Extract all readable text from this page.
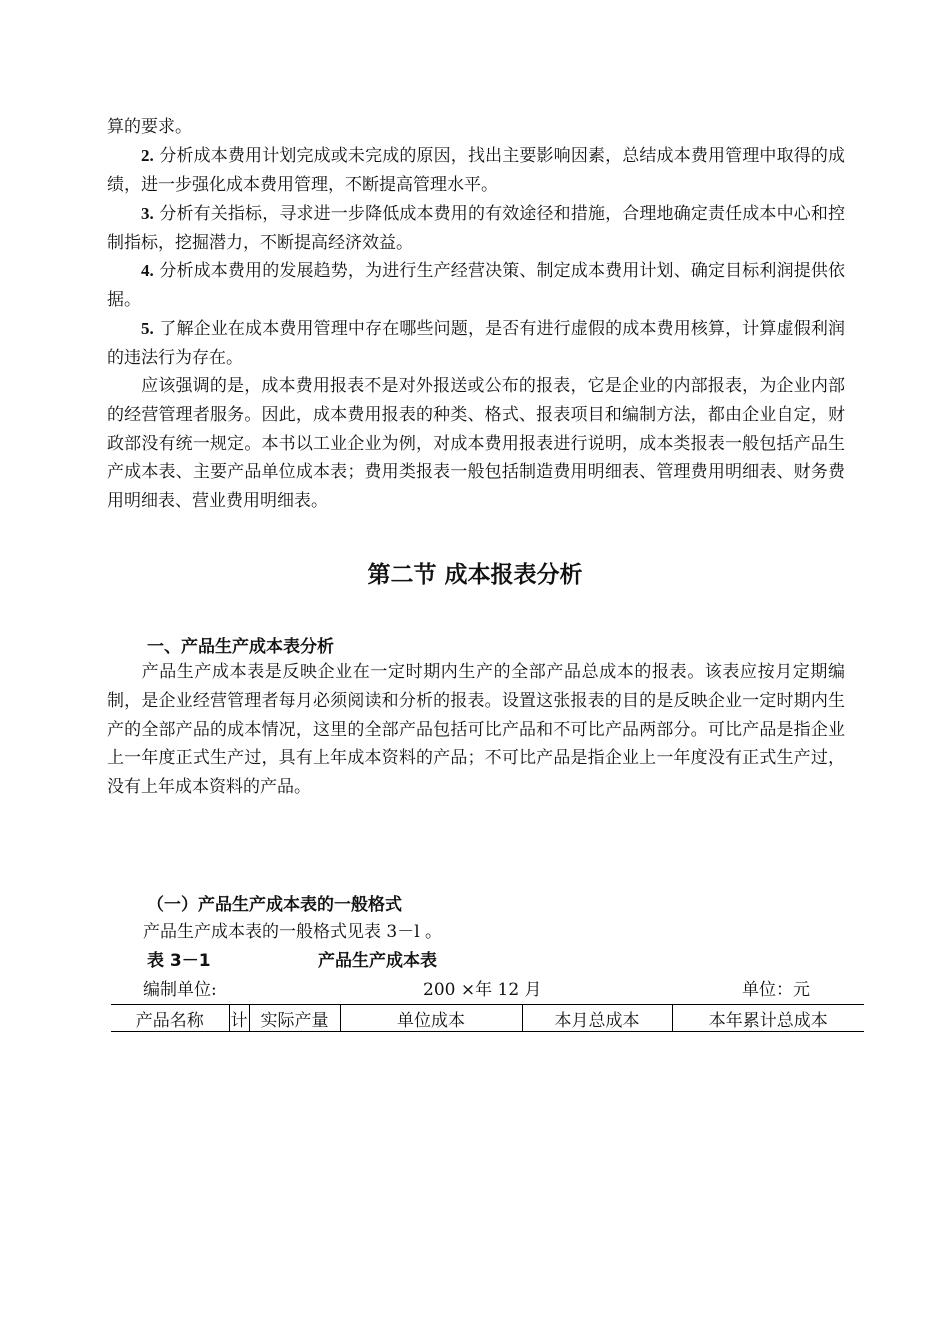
算的要求。

2. 分析成本费用计划完成或未完成的原因，找出主要影响因素，总结成本费用管理中取得的成绩，进一步强化成本费用管理，不断提高管理水平。

3. 分析有关指标，寻求进一步降低成本费用的有效途径和措施，合理地确定责任成本中心和控制指标，挖掘潜力，不断提高经济效益。

4. 分析成本费用的发展趋势，为进行生产经营决策、制定成本费用计划、确定目标利润提供依据。

5. 了解企业在成本费用管理中存在哪些问题，是否有进行虚假的成本费用核算，计算虚假利润的违法行为存在。

应该强调的是，成本费用报表不是对外报送或公布的报表，它是企业的内部报表，为企业内部的经营管理者服务。因此，成本费用报表的种类、格式、报表项目和编制方法，都由企业自定，财政部没有统一规定。本书以工业企业为例，对成本费用报表进行说明，成本类报表一般包括产品生产成本表、主要产品单位成本表；费用类报表一般包括制造费用明细表、管理费用明细表、财务费用明细表、营业费用明细表。

第二节 成本报表分析
一、产品生产成本表分析

产品生产成本表是反映企业在一定时期内生产的全部产品总成本的报表。该表应按月定期编制，是企业经营管理者每月必须阅读和分析的报表。设置这张报表的目的是反映企业一定时期内生产的全部产品的成本情况，这里的全部产品包括可比产品和不可比产品两部分。可比产品是指企业上一年度正式生产过，具有上年成本资料的产品；不可比产品是指企业上一年度没有正式生产过，没有上年成本资料的产品。

（一）产品生产成本表的一般格式
产品生产成本表的一般格式见表 3－l 。
表 3－1	产品生产成本表
编制单位:	200 ×年 12 月	单位：元
产品名称	计	实际产量	单位成本	本月总成本	本年累计总成本
